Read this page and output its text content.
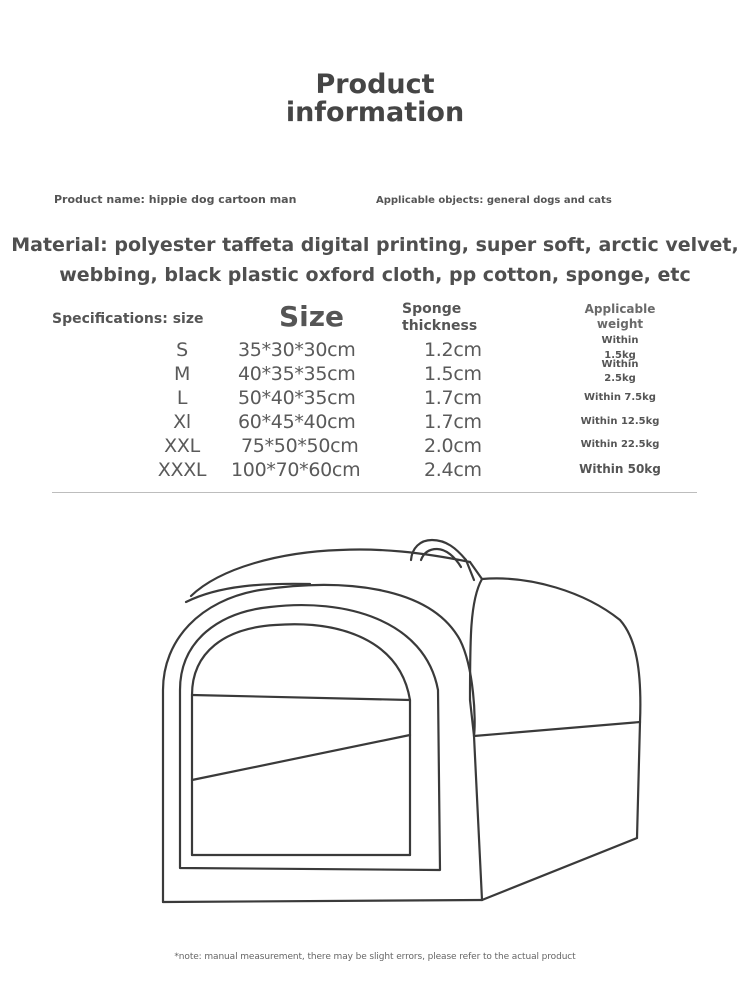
Product
information
Product name: hippie dog cartoon man	Applicable objects: general dogs and cats
Material: polyester taffeta digital printing, super soft, arctic velvet,
webbing, black plastic oxford cloth, pp cotton, sponge, etc
Specifications: size	Size	Sponge
thickness
Applicable
weight
S	35*30*30cm	1.2cm	Within
1.5kg
M	40*35*35cm	1.5cm	Within
2.5kg
L	50*40*35cm	1.7cm	Within 7.5kg
Xl	60*45*40cm	1.7cm	Within 12.5kg
XXL	75*50*50cm	2.0cm	Within 22.5kg
XXXL	100*70*60cm	2.4cm	Within 50kg
*note: manual measurement, there may be slight errors, please refer to the actual product
